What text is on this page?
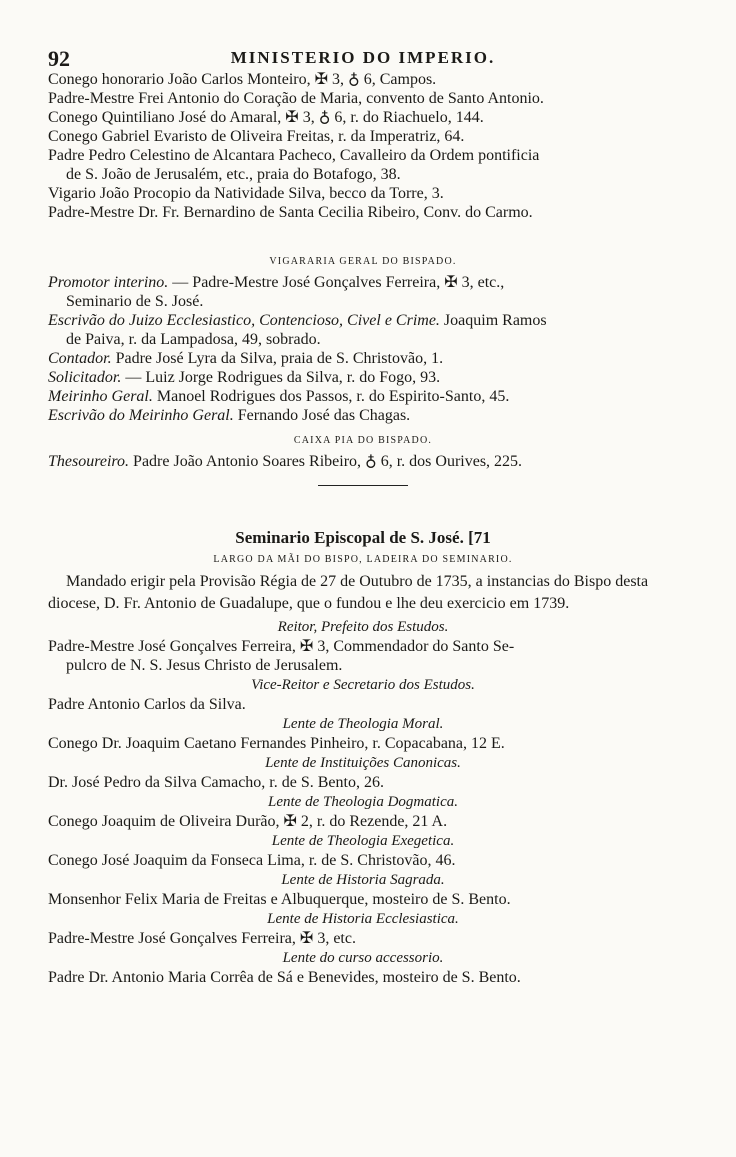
92	MINISTERIO DO IMPERIO.
Conego honorario João Carlos Monteiro, ✠ 3, ♁ 6, Campos.
Padre-Mestre Frei Antonio do Coração de Maria, convento de Santo Antonio.
Conego Quintiliano José do Amaral, ✠ 3, ♁ 6, r. do Riachuelo, 144.
Conego Gabriel Evaristo de Oliveira Freitas, r. da Imperatriz, 64.
Padre Pedro Celestino de Alcantara Pacheco, Cavalleiro da Ordem pontificia
de S. João de Jerusalém, etc., praia do Botafogo, 38.
Vigario João Procopio da Natividade Silva, becco da Torre, 3.
Padre-Mestre Dr. Fr. Bernardino de Santa Cecilia Ribeiro, Conv. do Carmo.
VIGARARIA GERAL DO BISPADO.
Promotor interino. — Padre-Mestre José Gonçalves Ferreira, ✠ 3, etc.,
Seminario de S. José.
Escrivão do Juizo Ecclesiastico, Contencioso, Civel e Crime. Joaquim Ramos
de Paiva, r. da Lampadosa, 49, sobrado.
Contador. Padre José Lyra da Silva, praia de S. Christovão, 1.
Solicitador. — Luiz Jorge Rodrigues da Silva, r. do Fogo, 93.
Meirinho Geral. Manoel Rodrigues dos Passos, r. do Espirito-Santo, 45.
Escrivão do Meirinho Geral. Fernando José das Chagas.
CAIXA PIA DO BISPADO.
Thesoureiro. Padre João Antonio Soares Ribeiro, ♁ 6, r. dos Ourives, 225.
Seminario Episcopal de S. José. [71
LARGO DA MÃI DO BISPO, LADEIRA DO SEMINARIO.
Mandado erigir pela Provisão Régia de 27 de Outubro de 1735, a instancias do Bispo desta diocese, D. Fr. Antonio de Guadalupe, que o fundou e lhe deu exercicio em 1739.
Reitor, Prefeito dos Estudos.
Padre-Mestre José Gonçalves Ferreira, ✠ 3, Commendador do Santo Se-
pulcro de N. S. Jesus Christo de Jerusalem.
Vice-Reitor e Secretario dos Estudos.
Padre Antonio Carlos da Silva.
Lente de Theologia Moral.
Conego Dr. Joaquim Caetano Fernandes Pinheiro, r. Copacabana, 12 E.
Lente de Instituições Canonicas.
Dr. José Pedro da Silva Camacho, r. de S. Bento, 26.
Lente de Theologia Dogmatica.
Conego Joaquim de Oliveira Durão, ✠ 2, r. do Rezende, 21 A.
Lente de Theologia Exegetica.
Conego José Joaquim da Fonseca Lima, r. de S. Christovão, 46.
Lente de Historia Sagrada.
Monsenhor Felix Maria de Freitas e Albuquerque, mosteiro de S. Bento.
Lente de Historia Ecclesiastica.
Padre-Mestre José Gonçalves Ferreira, ✠ 3, etc.
Lente do curso accessorio.
Padre Dr. Antonio Maria Corrêa de Sá e Benevides, mosteiro de S. Bento.
